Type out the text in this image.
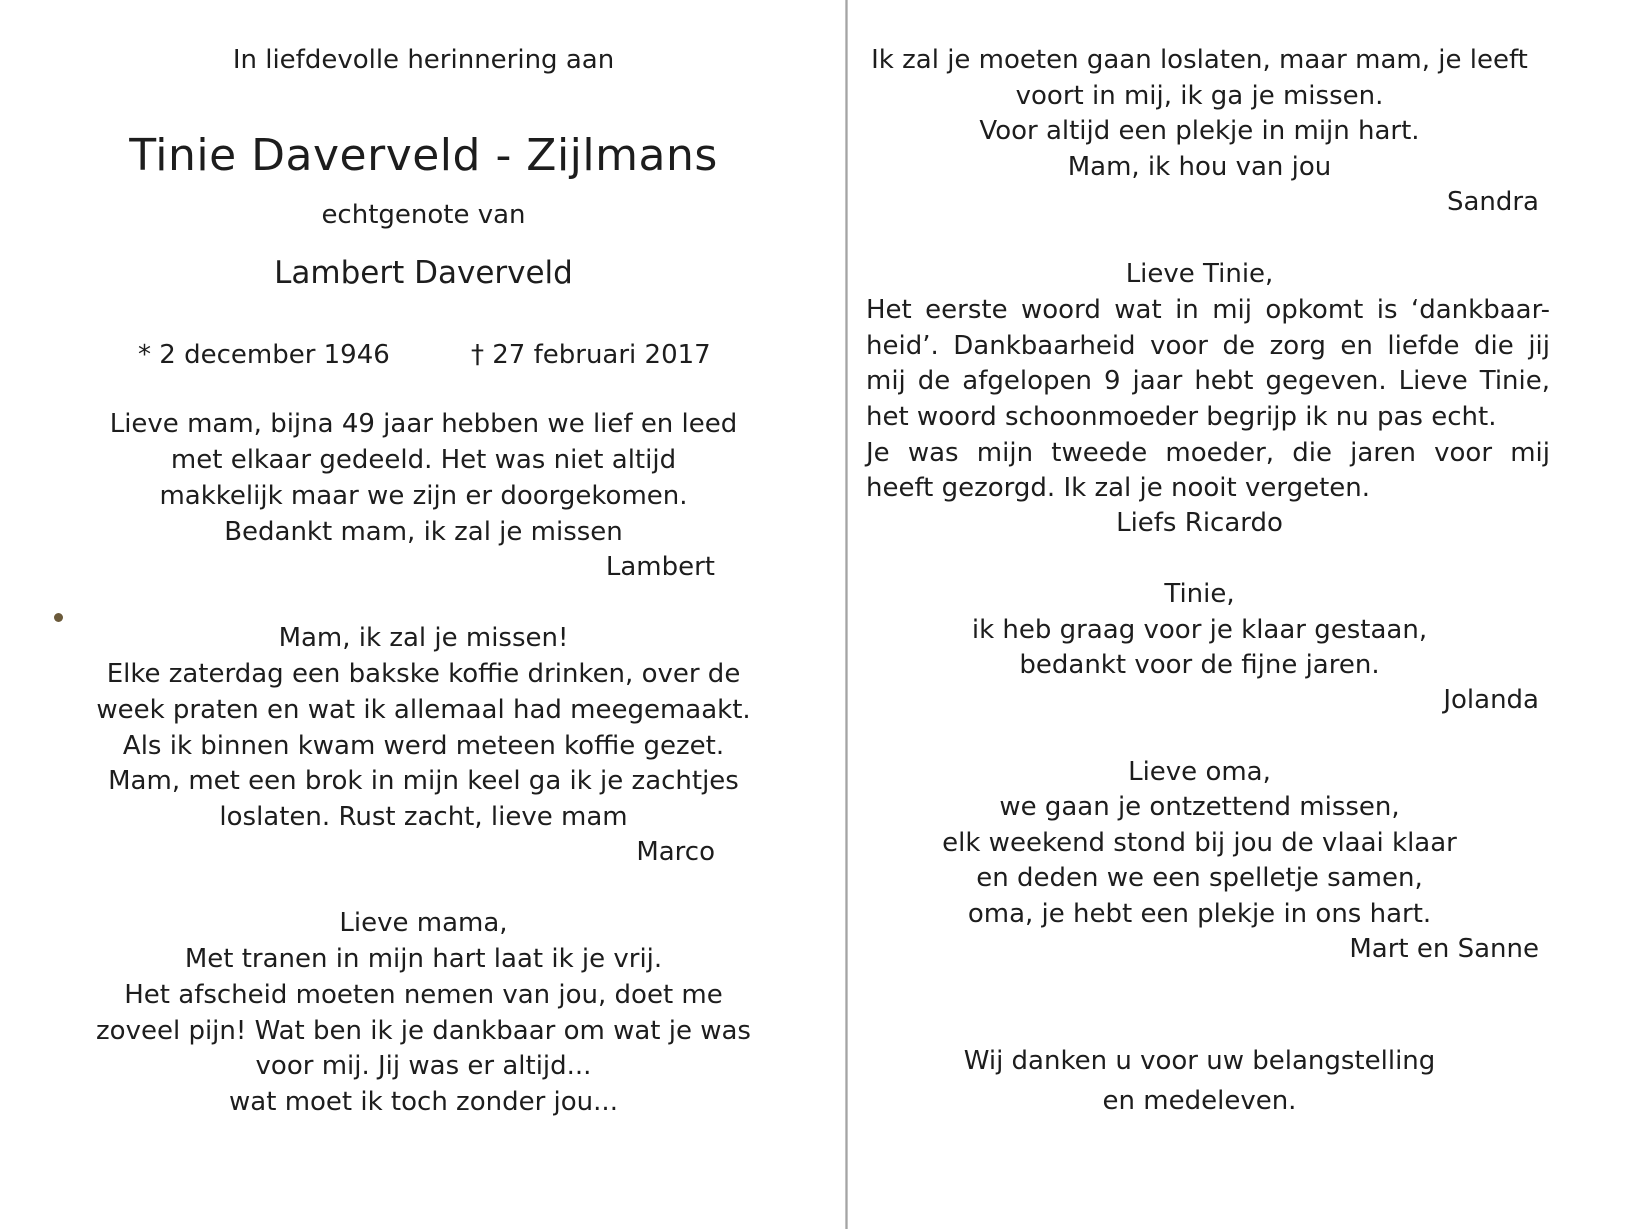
In liefdevolle herinnering aan
Tinie Daverveld - Zijlmans
echtgenote van
Lambert Daverveld
* 2 december 1946	† 27 februari 2017
Lieve mam, bijna 49 jaar hebben we lief en leed
met elkaar gedeeld. Het was niet altijd
makkelijk maar we zijn er doorgekomen.
Bedankt mam, ik zal je missen
Lambert
Mam, ik zal je missen!
Elke zaterdag een bakske koffie drinken, over de
week praten en wat ik allemaal had meegemaakt.
Als ik binnen kwam werd meteen koffie gezet.
Mam, met een brok in mijn keel ga ik je zachtjes
loslaten. Rust zacht, lieve mam
Marco
Lieve mama,
Met tranen in mijn hart laat ik je vrij.
Het afscheid moeten nemen van jou, doet me
zoveel pijn! Wat ben ik je dankbaar om wat je was
voor mij. Jij was er altijd...
wat moet ik toch zonder jou...
Ik zal je moeten gaan loslaten, maar mam, je leeft
voort in mij, ik ga je missen.
Voor altijd een plekje in mijn hart.
Mam, ik hou van jou
Sandra
Lieve Tinie,
Het eerste woord wat in mij opkomt is ‘dankbaar-
heid’. Dankbaarheid voor de zorg en liefde die jij
mij de afgelopen 9 jaar hebt gegeven. Lieve Tinie,
het woord schoonmoeder begrijp ik nu pas echt.
Je was mijn tweede moeder, die jaren voor mij
heeft gezorgd. Ik zal je nooit vergeten.
Liefs Ricardo
Tinie,
ik heb graag voor je klaar gestaan,
bedankt voor de fijne jaren.
Jolanda
Lieve oma,
we gaan je ontzettend missen,
elk weekend stond bij jou de vlaai klaar
en deden we een spelletje samen,
oma, je hebt een plekje in ons hart.
Mart en Sanne
Wij danken u voor uw belangstelling
en medeleven.
